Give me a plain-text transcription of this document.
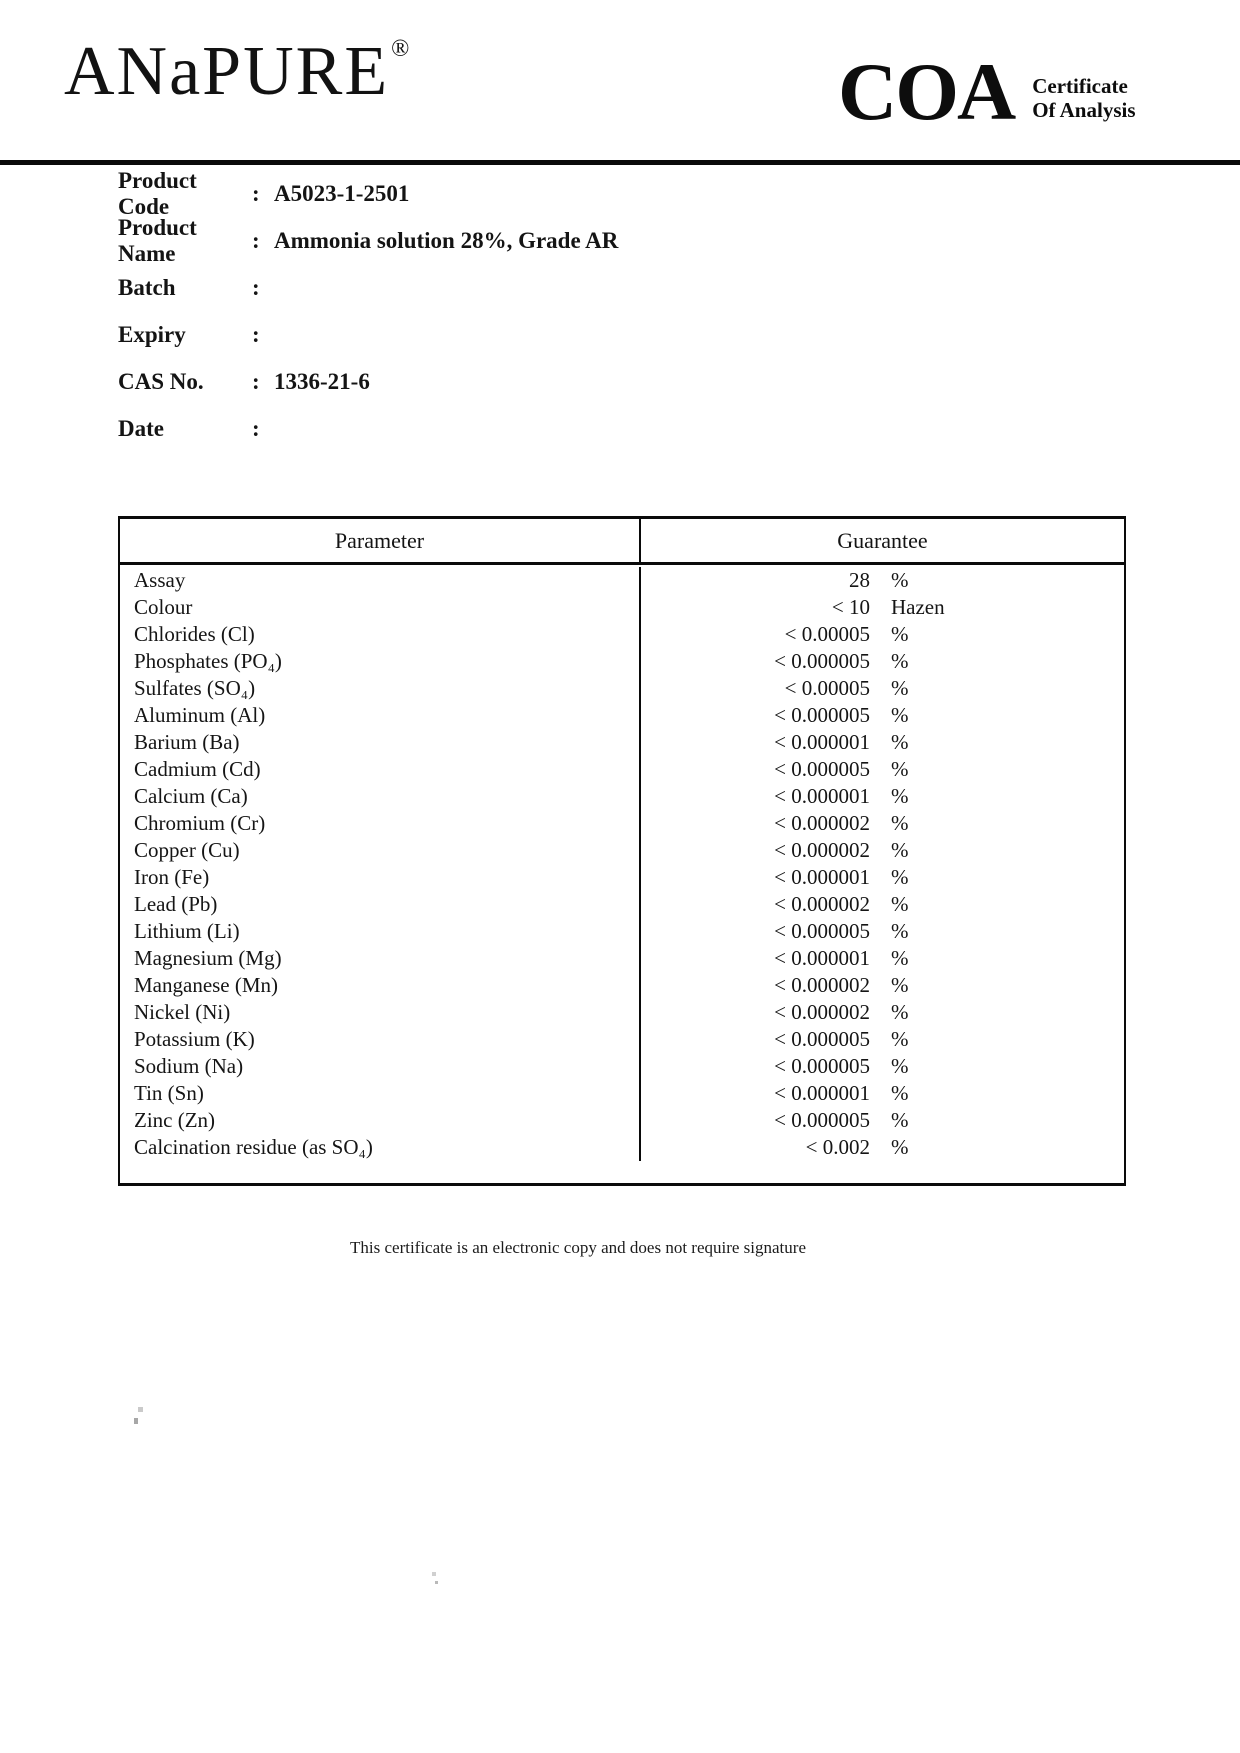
ANaPURE®	COA Certificate
Of Analysis
Product Code
: A5023-1-2501
Product Name
: Ammonia solution 28%, Grade AR
Batch	:
Expiry	:
CAS No.	: 1336-21-6
Date	:
Parameter	Guarantee
Assay	28 %
Colour	< 10 Hazen
Chlorides (Cl)	< 0.00005 %
Phosphates (PO₄)	< 0.000005 %
Sulfates (SO₄)	< 0.00005 %
Aluminum (Al)	< 0.000005 %
Barium (Ba)	< 0.000001 %
Cadmium (Cd)	< 0.000005 %
Calcium (Ca)	< 0.000001 %
Chromium (Cr)	< 0.000002 %
Copper (Cu)	< 0.000002 %
Iron (Fe)	< 0.000001 %
Lead (Pb)	< 0.000002 %
Lithium (Li)	< 0.000005 %
Magnesium (Mg)	< 0.000001 %
Manganese (Mn)	< 0.000002 %
Nickel (Ni)	< 0.000002 %
Potassium (K)	< 0.000005 %
Sodium (Na)	< 0.000005 %
Tin (Sn)	< 0.000001 %
Zinc (Zn)	< 0.000005 %
Calcination residue (as SO₄)	< 0.002 %
This certificate is an electronic copy and does not require signature
